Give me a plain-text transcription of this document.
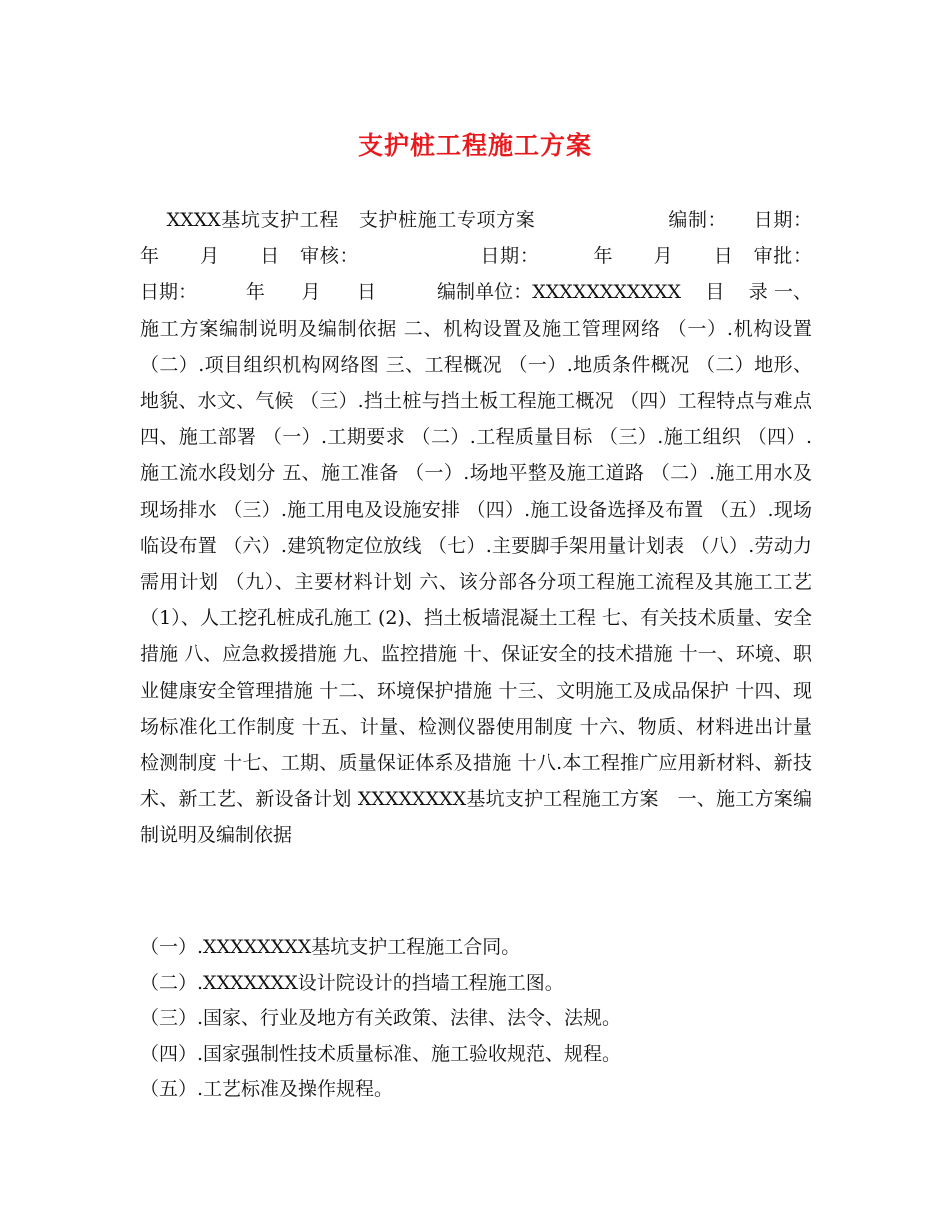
支护桩工程施工方案
XXXX基坑支护工程   支护桩施工专项方案                    编制：    日期：        年      月      日   审核：                  日期：        年      月      日   审批：              日期：        年      月      日          编制单位：XXXXXXXXXXX    目    录 一、施工方案编制说明及编制依据 二、机构设置及施工管理网络 （一）.机构设置 （二）.项目组织机构网络图 三、工程概况 （一）.地质条件概况 （二）地形、地貌、水文、气候 （三）.挡土桩与挡土板工程施工概况 （四）工程特点与难点 四、施工部署 （一）.工期要求 （二）.工程质量目标 （三）.施工组织 （四）.施工流水段划分 五、施工准备 （一）.场地平整及施工道路 （二）.施工用水及现场排水 （三）.施工用电及设施安排 （四）.施工设备选择及布置 （五）.现场临设布置 （六）.建筑物定位放线 （七）.主要脚手架用量计划表 （八）.劳动力需用计划 （九）、主要材料计划 六、该分部各分项工程施工流程及其施工工艺 （1）、人工挖孔桩成孔施工 (2)、挡土板墙混凝土工程 七、有关技术质量、安全措施 八、应急救援措施 九、监控措施 十、保证安全的技术措施 十一、环境、职业健康安全管理措施 十二、环境保护措施 十三、文明施工及成品保护 十四、现场标准化工作制度 十五、计量、检测仪器使用制度 十六、物质、材料进出计量检测制度 十七、工期、质量保证体系及措施 十八.本工程推广应用新材料、新技术、新工艺、新设备计划 XXXXXXXX基坑支护工程施工方案   一、施工方案编制说明及编制依据
（一）.XXXXXXXX基坑支护工程施工合同。
（二）.XXXXXXX设计院设计的挡墙工程施工图。
（三）.国家、行业及地方有关政策、法律、法令、法规。
（四）.国家强制性技术质量标准、施工验收规范、规程。
（五）.工艺标准及操作规程。
